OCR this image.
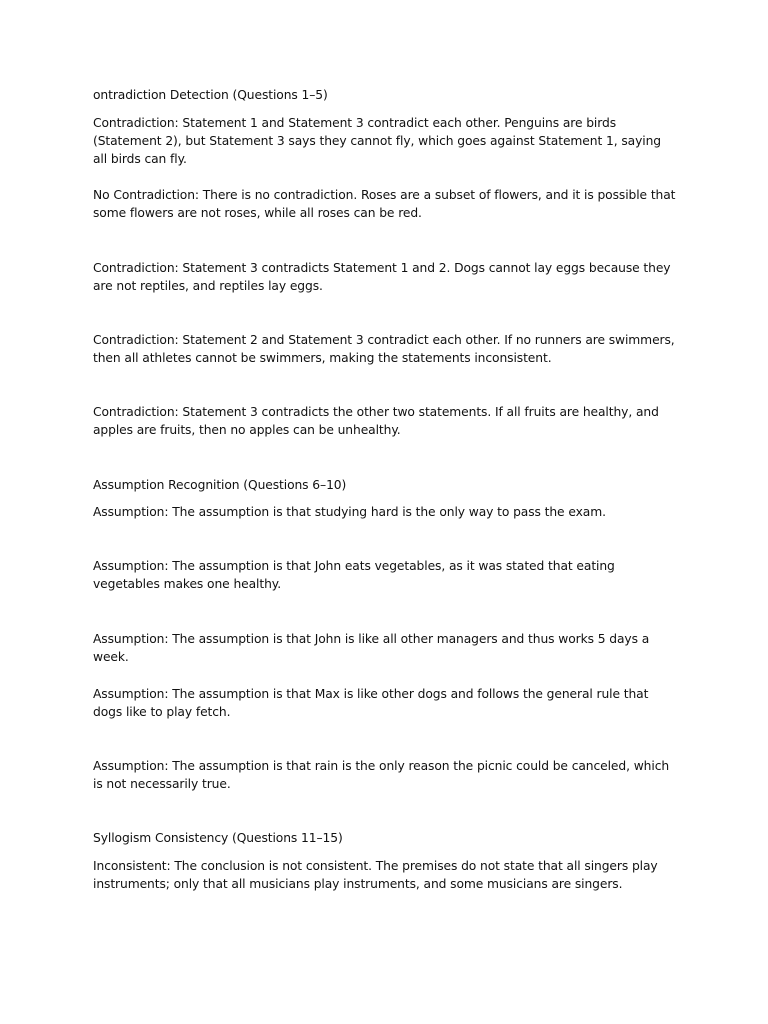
ontradiction Detection (Questions 1–5)

Contradiction: Statement 1 and Statement 3 contradict each other. Penguins are birds (Statement 2), but Statement 3 says they cannot fly, which goes against Statement 1, saying all birds can fly.

No Contradiction: There is no contradiction. Roses are a subset of flowers, and it is possible that some flowers are not roses, while all roses can be red.

Contradiction: Statement 3 contradicts Statement 1 and 2. Dogs cannot lay eggs because they are not reptiles, and reptiles lay eggs.

Contradiction: Statement 2 and Statement 3 contradict each other. If no runners are swimmers, then all athletes cannot be swimmers, making the statements inconsistent.

Contradiction: Statement 3 contradicts the other two statements. If all fruits are healthy, and apples are fruits, then no apples can be unhealthy.

Assumption Recognition (Questions 6–10)

Assumption: The assumption is that studying hard is the only way to pass the exam.

Assumption: The assumption is that John eats vegetables, as it was stated that eating vegetables makes one healthy.

Assumption: The assumption is that John is like all other managers and thus works 5 days a week.

Assumption: The assumption is that Max is like other dogs and follows the general rule that dogs like to play fetch.

Assumption: The assumption is that rain is the only reason the picnic could be canceled, which is not necessarily true.

Syllogism Consistency (Questions 11–15)

Inconsistent: The conclusion is not consistent. The premises do not state that all singers play instruments; only that all musicians play instruments, and some musicians are singers.
